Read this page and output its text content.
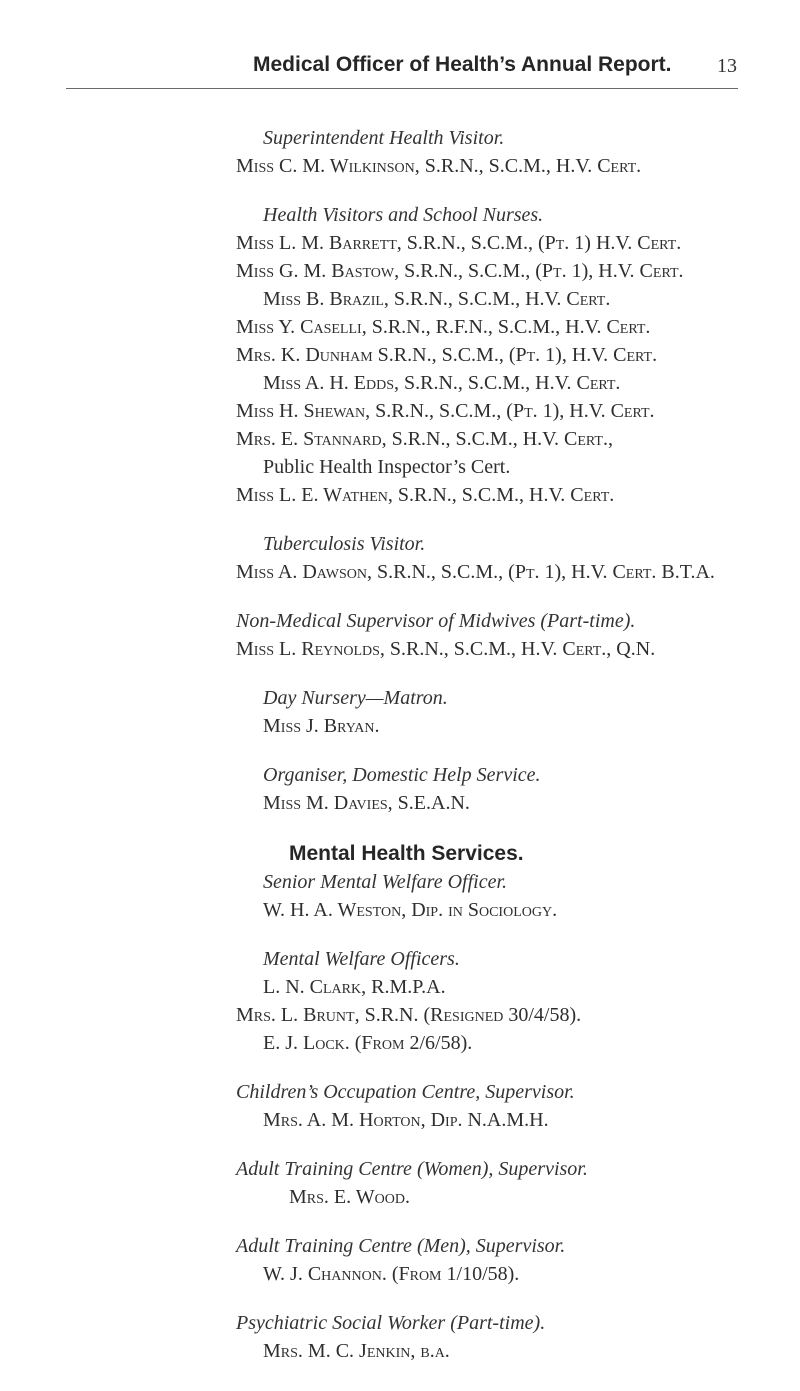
Medical Officer of Health’s Annual Report. 13
Superintendent Health Visitor.
Miss C. M. Wilkinson, S.R.N., S.C.M., H.V. Cert.
Health Visitors and School Nurses.
Miss L. M. Barrett, S.R.N., S.C.M., (Pt. 1) H.V. Cert.
Miss G. M. Bastow, S.R.N., S.C.M., (Pt. 1), H.V. Cert.
Miss B. Brazil, S.R.N., S.C.M., H.V. Cert.
Miss Y. Caselli, S.R.N., R.F.N., S.C.M., H.V. Cert.
Mrs. K. Dunham S.R.N., S.C.M., (Pt. 1), H.V. Cert.
Miss A. H. Edds, S.R.N., S.C.M., H.V. Cert.
Miss H. Shewan, S.R.N., S.C.M., (Pt. 1), H.V. Cert.
Mrs. E. Stannard, S.R.N., S.C.M., H.V. Cert.,
Public Health Inspector’s Cert.
Miss L. E. Wathen, S.R.N., S.C.M., H.V. Cert.
Tuberculosis Visitor.
Miss A. Dawson, S.R.N., S.C.M., (Pt. 1), H.V. Cert. B.T.A.
Non-Medical Supervisor of Midwives (Part-time).
Miss L. Reynolds, S.R.N., S.C.M., H.V. Cert., Q.N.
Day Nursery—Matron.
Miss J. Bryan.
Organiser, Domestic Help Service.
Miss M. Davies, S.E.A.N.
Mental Health Services.
Senior Mental Welfare Officer.
W. H. A. Weston, Dip. in Sociology.
Mental Welfare Officers.
L. N. Clark, R.M.P.A.
Mrs. L. Brunt, S.R.N. (Resigned 30/4/58).
E. J. Lock. (From 2/6/58).
Children’s Occupation Centre, Supervisor.
Mrs. A. M. Horton, Dip. N.A.M.H.
Adult Training Centre (Women), Supervisor.
Mrs. E. Wood.
Adult Training Centre (Men), Supervisor.
W. J. Channon. (From 1/10/58).
Psychiatric Social Worker (Part-time).
Mrs. M. C. Jenkin, b.a.
